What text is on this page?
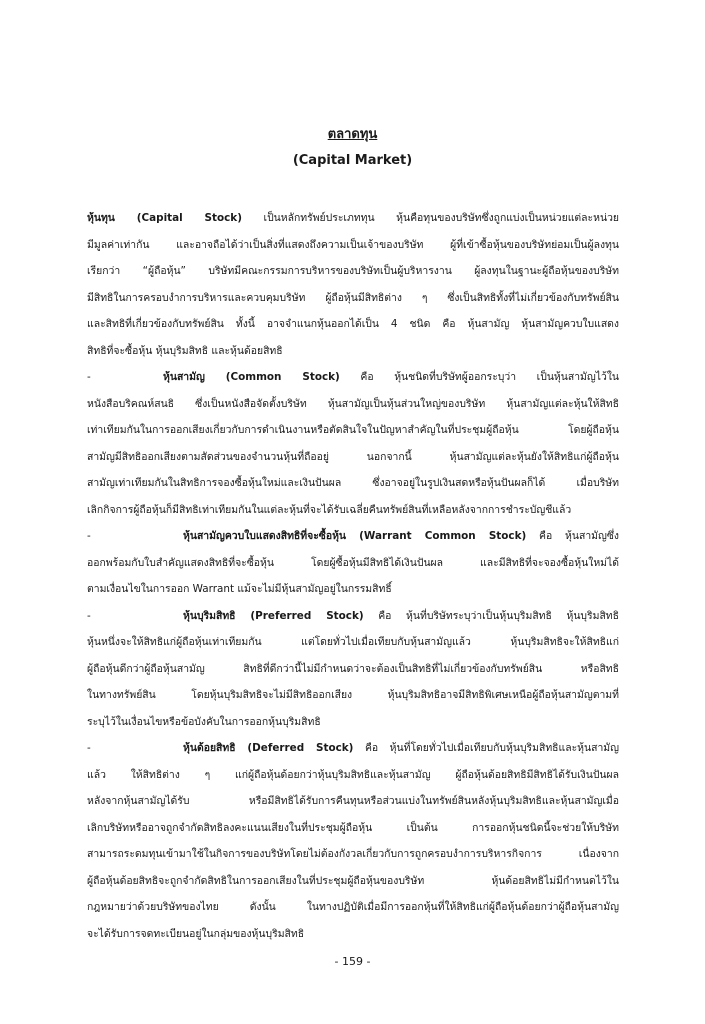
ตลาดทุน
(Capital Market)
หุ้นทุน (Capital Stock) เป็นหลักทรัพย์ประเภททุน หุ้นคือทุนของบริษัทซึ่งถูกแบ่งเป็นหน่วยแต่ละหน่วย
มีมูลค่าเท่ากัน และอาจถือได้ว่าเป็นสิ่งที่แสดงถึงความเป็นเจ้าของบริษัท ผู้ที่เข้าซื้อหุ้นของบริษัทย่อมเป็นผู้ลงทุน
เรียกว่า “ผู้ถือหุ้น” บริษัทมีคณะกรรมการบริหารของบริษัทเป็นผู้บริหารงาน ผู้ลงทุนในฐานะผู้ถือหุ้นของบริษัท
มีสิทธิในการครอบงำการบริหารและควบคุมบริษัท ผู้ถือหุ้นมีสิทธิต่าง ๆ ซึ่งเป็นสิทธิทั้งที่ไม่เกี่ยวข้องกับทรัพย์สิน
และสิทธิที่เกี่ยวข้องกับทรัพย์สิน ทั้งนี้ อาจจำแนกหุ้นออกได้เป็น 4 ชนิด คือ หุ้นสามัญ หุ้นสามัญควบใบแสดง
สิทธิที่จะซื้อหุ้น หุ้นบุริมสิทธิ และหุ้นด้อยสิทธิ
-	หุ้นสามัญ (Common Stock) คือ หุ้นชนิดที่บริษัทผู้ออกระบุว่า เป็นหุ้นสามัญไว้ใน
หนังสือบริคณห์สนธิ ซึ่งเป็นหนังสือจัดตั้งบริษัท หุ้นสามัญเป็นหุ้นส่วนใหญ่ของบริษัท หุ้นสามัญแต่ละหุ้นให้สิทธิ
เท่าเทียมกันในการออกเสียงเกี่ยวกับการดำเนินงานหรือตัดสินใจในปัญหาสำคัญในที่ประชุมผู้ถือหุ้น โดยผู้ถือหุ้น
สามัญมีสิทธิออกเสียงตามสัดส่วนของจำนวนหุ้นที่ถืออยู่ นอกจากนี้ หุ้นสามัญแต่ละหุ้นยังให้สิทธิแก่ผู้ถือหุ้น
สามัญเท่าเทียมกันในสิทธิการจองซื้อหุ้นใหม่และเงินปันผล ซึ่งอาจอยู่ในรูปเงินสดหรือหุ้นปันผลก็ได้ เมื่อบริษัท
เลิกกิจการผู้ถือหุ้นก็มีสิทธิเท่าเทียมกันในแต่ละหุ้นที่จะได้รับเฉลี่ยคืนทรัพย์สินที่เหลือหลังจากการชำระบัญชีแล้ว
-	หุ้นสามัญควบใบแสดงสิทธิที่จะซื้อหุ้น (Warrant Common Stock) คือ หุ้นสามัญซึ่ง
ออกพร้อมกับใบสำคัญแสดงสิทธิที่จะซื้อหุ้น โดยผู้ซื้อหุ้นมีสิทธิได้เงินปันผล และมีสิทธิที่จะจองซื้อหุ้นใหม่ได้
ตามเงื่อนไขในการออก Warrant แม้จะไม่มีหุ้นสามัญอยู่ในกรรมสิทธิ์
-	หุ้นบุริมสิทธิ (Preferred Stock) คือ หุ้นที่บริษัทระบุว่าเป็นหุ้นบุริมสิทธิ หุ้นบุริมสิทธิ
หุ้นหนึ่งจะให้สิทธิแก่ผู้ถือหุ้นเท่าเทียมกัน แต่โดยทั่วไปเมื่อเทียบกับหุ้นสามัญแล้ว หุ้นบุริมสิทธิจะให้สิทธิแก่
ผู้ถือหุ้นดีกว่าผู้ถือหุ้นสามัญ สิทธิที่ดีกว่านี้ไม่มีกำหนดว่าจะต้องเป็นสิทธิที่ไม่เกี่ยวข้องกับทรัพย์สิน หรือสิทธิ
ในทางทรัพย์สิน โดยหุ้นบุริมสิทธิจะไม่มีสิทธิออกเสียง หุ้นบุริมสิทธิอาจมีสิทธิพิเศษเหนือผู้ถือหุ้นสามัญตามที่
ระบุไว้ในเงื่อนไขหรือข้อบังคับในการออกหุ้นบุริมสิทธิ
-	หุ้นด้อยสิทธิ (Deferred Stock) คือ หุ้นที่โดยทั่วไปเมื่อเทียบกับหุ้นบุริมสิทธิและหุ้นสามัญ
แล้ว ให้สิทธิต่าง ๆ แก่ผู้ถือหุ้นด้อยกว่าหุ้นบุริมสิทธิและหุ้นสามัญ ผู้ถือหุ้นด้อยสิทธิมีสิทธิได้รับเงินปันผล
หลังจากหุ้นสามัญได้รับ หรือมีสิทธิได้รับการคืนทุนหรือส่วนแบ่งในทรัพย์สินหลังหุ้นบุริมสิทธิและหุ้นสามัญเมื่อ
เลิกบริษัทหรืออาจถูกจำกัดสิทธิลงคะแนนเสียงในที่ประชุมผู้ถือหุ้น เป็นต้น การออกหุ้นชนิดนี้จะช่วยให้บริษัท
สามารถระดมทุนเข้ามาใช้ในกิจการของบริษัทโดยไม่ต้องกังวลเกี่ยวกับการถูกครอบงำการบริหารกิจการ เนื่องจาก
ผู้ถือหุ้นด้อยสิทธิจะถูกจำกัดสิทธิในการออกเสียงในที่ประชุมผู้ถือหุ้นของบริษัท หุ้นด้อยสิทธิไม่มีกำหนดไว้ใน
กฎหมายว่าด้วยบริษัทของไทย ดังนั้น ในทางปฏิบัติเมื่อมีการออกหุ้นที่ให้สิทธิแก่ผู้ถือหุ้นด้อยกว่าผู้ถือหุ้นสามัญ
จะได้รับการจดทะเบียนอยู่ในกลุ่มของหุ้นบุริมสิทธิ
- 159 -
